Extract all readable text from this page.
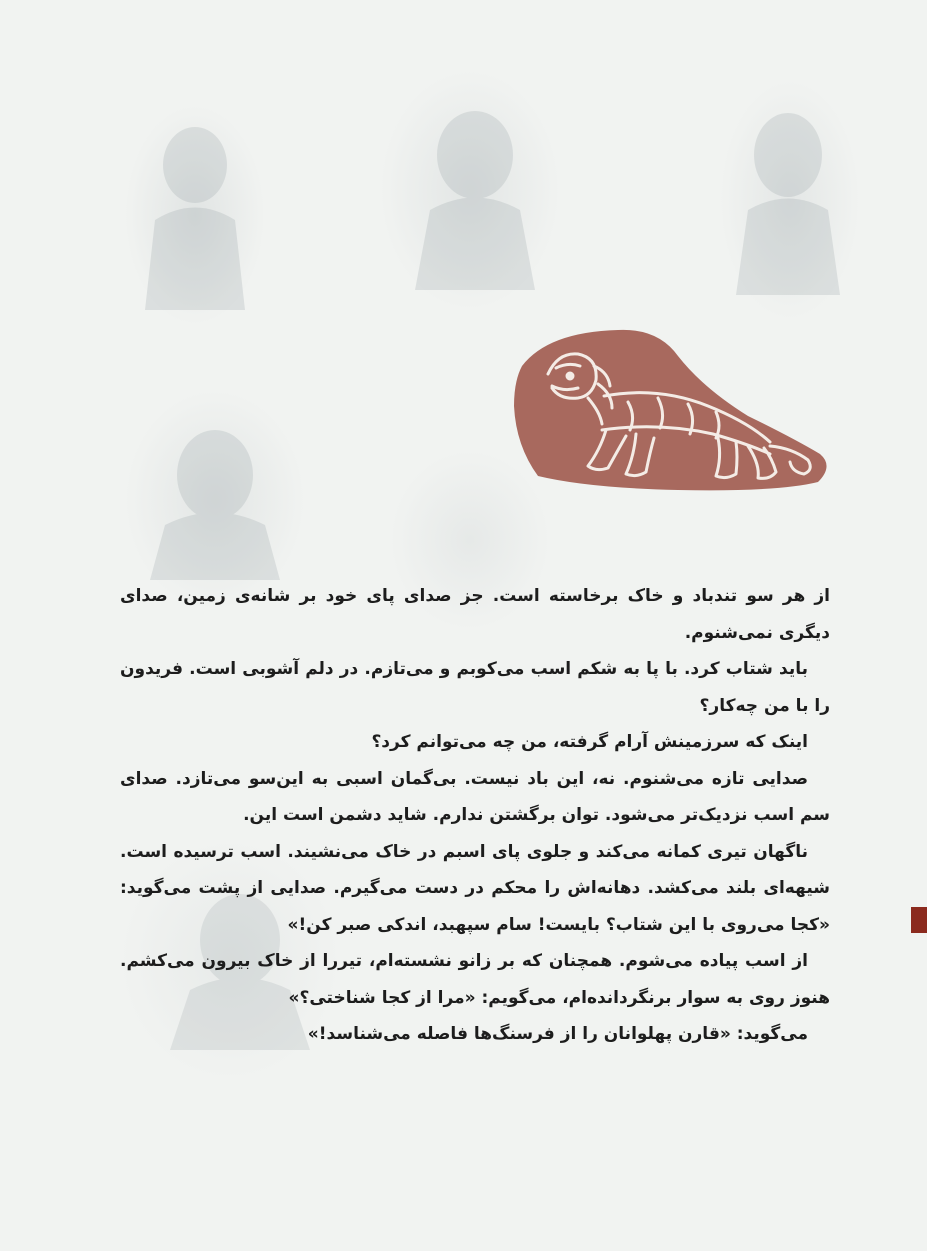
از هر سو تندباد و خاک برخاسته است. جز صدای پای خود بر شانه‌ی زمین، صدای دیگری نمی‌شنوم.

باید شتاب کرد. با پا به شکم اسب می‌کوبم و می‌تازم. در دلم آشوبی است. فریدون را با من چه‌کار؟

اینک که سرزمینش آرام گرفته، من چه می‌توانم کرد؟

صدایی تازه می‌شنوم. نه، این باد نیست. بی‌گمان اسبی به این‌سو می‌تازد. صدای سم اسب نزدیک‌تر می‌شود. توان برگشتن ندارم. شاید دشمن است این.

ناگهان تیری کمانه می‌کند و جلوی پای اسبم در خاک می‌نشیند. اسب ترسیده است. شیهه‌ای بلند می‌کشد. دهانه‌اش را محکم در دست می‌گیرم. صدایی از پشت می‌گوید: «کجا می‌روی با این شتاب؟ بایست! سام سپهبد، اندکی صبر کن!»

از اسب پیاده می‌شوم. همچنان که بر زانو نشسته‌ام، تیررا از خاک بیرون می‌کشم. هنوز روی به سوار برنگردانده‌ام، می‌گویم: «مرا از کجا شناختی؟»

می‌گوید: «قارن پهلوانان را از فرسنگ‌ها فاصله می‌شناسد!»
